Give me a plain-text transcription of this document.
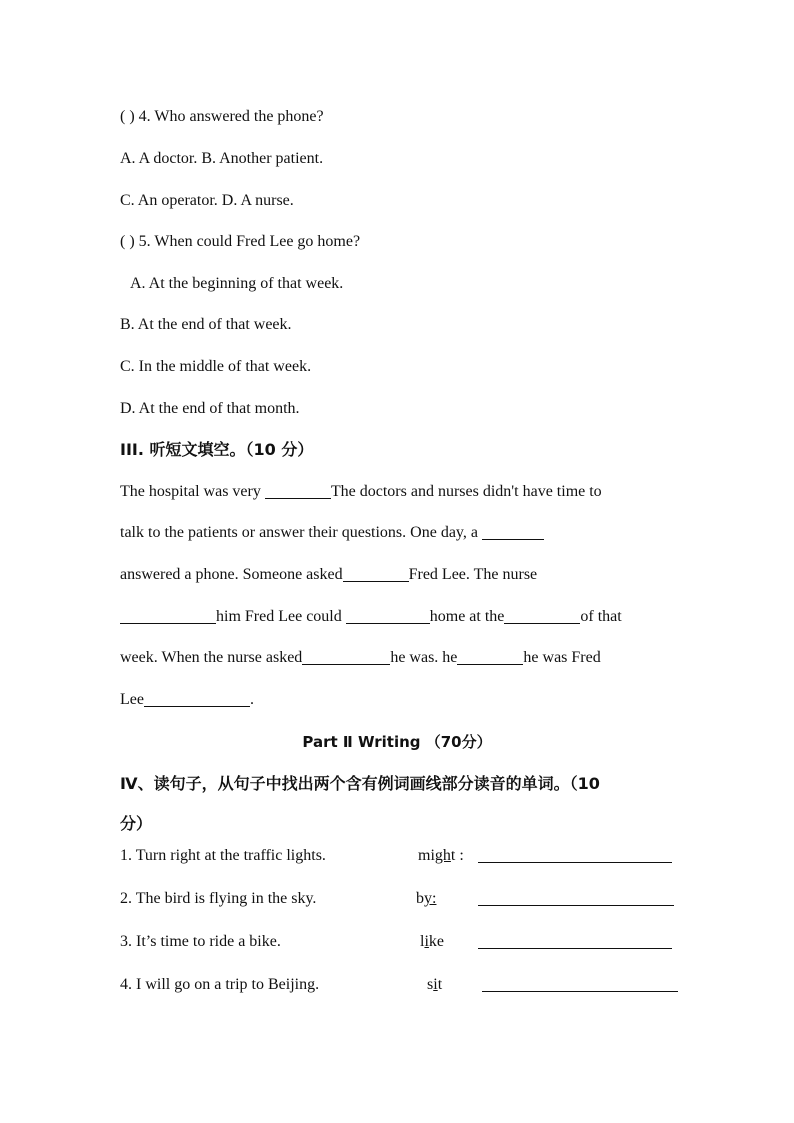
( ) 4. Who answered the phone?
A. A doctor. B. Another patient.
C. An operator. D. A nurse.
( ) 5. When could Fred Lee go home?
A. At the beginning of that week.
B. At the end of that week.
C. In the middle of that week.
D. At the end of that month.
III. 听短文填空。（10 分）
The hospital was very	The doctors and nurses didn't have time to
talk to the patients or answer their questions. One day, a
answered a phone. Someone asked	Fred Lee. The nurse
him Fred Lee could	home at the	of that
week. When the nurse asked	he was. he	he was Fred
Lee	.
Part Ⅱ Writing （70分）
Ⅳ、读句子，从句子中找出两个含有例词画线部分读音的单词。（10
分）
1. Turn right at the traffic lights.	might :
2. The bird is flying in the sky.	by:
3. It’s time to ride a bike.	like
4. I will go on a trip to Beijing.	sit
